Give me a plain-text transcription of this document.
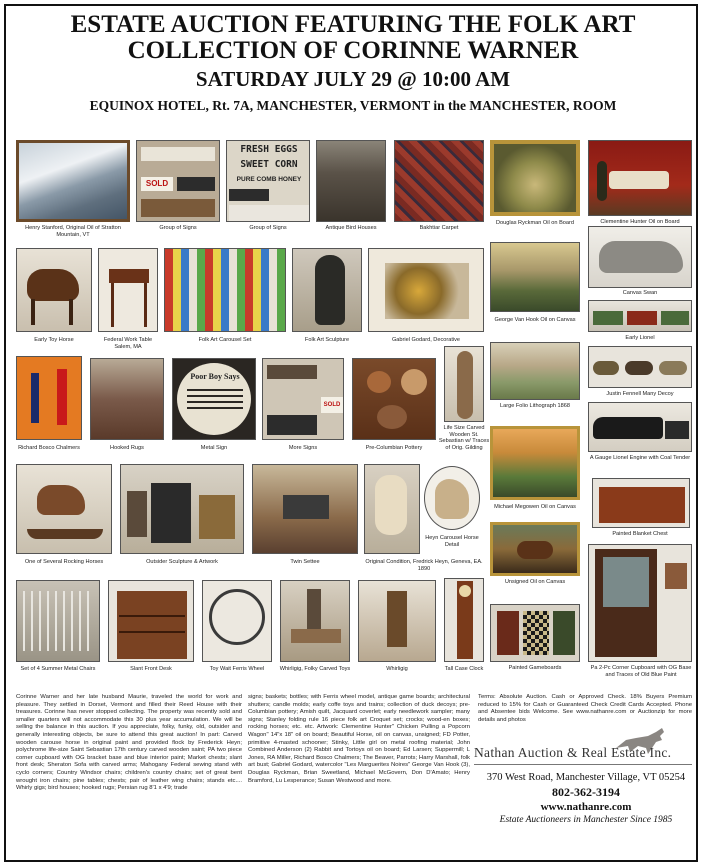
ESTATE AUCTION FEATURING THE FOLK ART
COLLECTION OF CORINNE WARNER
SATURDAY JULY 29 @ 10:00 AM
EQUINOX HOTEL, Rt. 7A, MANCHESTER, VERMONT in the MANCHESTER, ROOM
Henry Stanford, Original Oil of Stratton Mountain, VT
SOLD
Group of Signs
FRESH EGGS
SWEET CORN
PURE COMB HONEY
Group of Signs	Antique Bird Houses	Bakhtiar Carpet
Douglas Ryckman Oil on Board	Clementine Hunter Oil on Board
Early Toy Horse	Federal Work Table Salem, MA
Folk Art Carousel Set	Folk Art Sculpture	Gabriel Godard, Decorative
George Van Hook Oil on Canvas
Canvas Swan
Early Lionel
Richard Bosco Chalmers	Hooked Rugs
Poor Boy Says
Metal Sign
SOLD
More Signs	Pre-Columbian Pottery
Life Size Carved Wooden St. Sebastian w/ Traces of Orig. Gilding
Large Folio Lithograph 1868
Justin Fennell Many Decoy
A Gauge Lionel Engine with Coal Tender
One of Several Rocking Horses	Outsider Sculpture & Artwork	Twin Settee	Original Condition, Fredrick Heyn, Geneva, EA. 1890
Heyn Carousel Horse Detail
Michael Megowen Oil on Canvas
Painted Blanket Chest
Unsigned Oil on Canvas
Pa 2-Pc Corner Cupboard with OG Base and Traces of Old Blue Paint
Set of 4 Summer Metal Chairs	Slant Front Desk	Toy Wait Ferris Wheel	Whirligig, Folky Carved Toys	Whirligig	Tall Case Clock	Painted Gameboards
Corinne Warner and her late husband Maurie, traveled the world for work and pleasure. They settled in Dorset, Vermont and filled their Reed House with their treasures. Corinne has never stopped collecting. The property was recently sold and smaller quarters will not accommodate this 30 plus year accumulation. We will be selling the balance in this auction. If you appreciate, folky, funky, old, outsider and generally interesting objects, be sure to attend this great auction! In part: Carved wooden carouse horse in original paint and provided flock by Frederick Heyn; polychrome life-size Saint Sebastian 17th century carved wooden saint; PA two piece corner cupboard with OG bracket base and blue interior paint; Market chests; slant front desk; Sheraton Sofa with carved arms; Mahogany Federal sewing stand with cyclo corners; Country Windsor chairs; children's country chairs; set of great bent wrought iron chairs; pine tables; chests; pair of leather wing chairs; stands etc.... Whirly gigs; bird houses; hooked rugs; Persian rug 8'1 x 4'9; trade
signs; baskets; bottles; with Ferris wheel model, antique game boards; architectural shutters; candle molds; early coffe toys and trains; collection of duck decoys; pre-Columbian pottery; Amish quilt, Jacquard coverlet; early needlework sampler; many signs; Stanley folding rule 16 piece folk art Croquet set; crocks; wood-en boxes; rocking horses; etc. etc. Artwork: Clementine Hunter" Chicken Pulling a Popcorn Wagon" 14"x 18" oil on board; Beautiful Horse, oil on canvas, unsigned; FD Potter, primitive 4-masted schooner; Stinky, Little girl on metal roofing material; John Combined Anderson (2) Rabbit and Tortoys oil on board; Ed Larsen; Suppermill; L Jones, RA Miller, Richard Bosco Chalmers; The Beaver, Parrots; Harry Marshall, folk art bust; Gabriel Godard, watercolor "Les Marguerites Noires" George Van Hook (3), Douglas Ryckman, Brian Sweetland, Michael McGovern, Don D'Amato; Henry Bramford, Lu Lesperance; Susan Westwood and more.
Terms: Absolute Auction. Cash or Approved Check. 18% Buyers Premium reduced to 15% for Cash or Guaranteed Check Credit Cards Accepted. Phone and Absentee bids Welcome. See www.nathanre.com or Auctionzip for more details and photos
Nathan Auction & Real Estate Inc.
370 West Road, Manchester Village, VT 05254
802-362-3194
www.nathanre.com
Estate Auctioneers in Manchester Since 1985
